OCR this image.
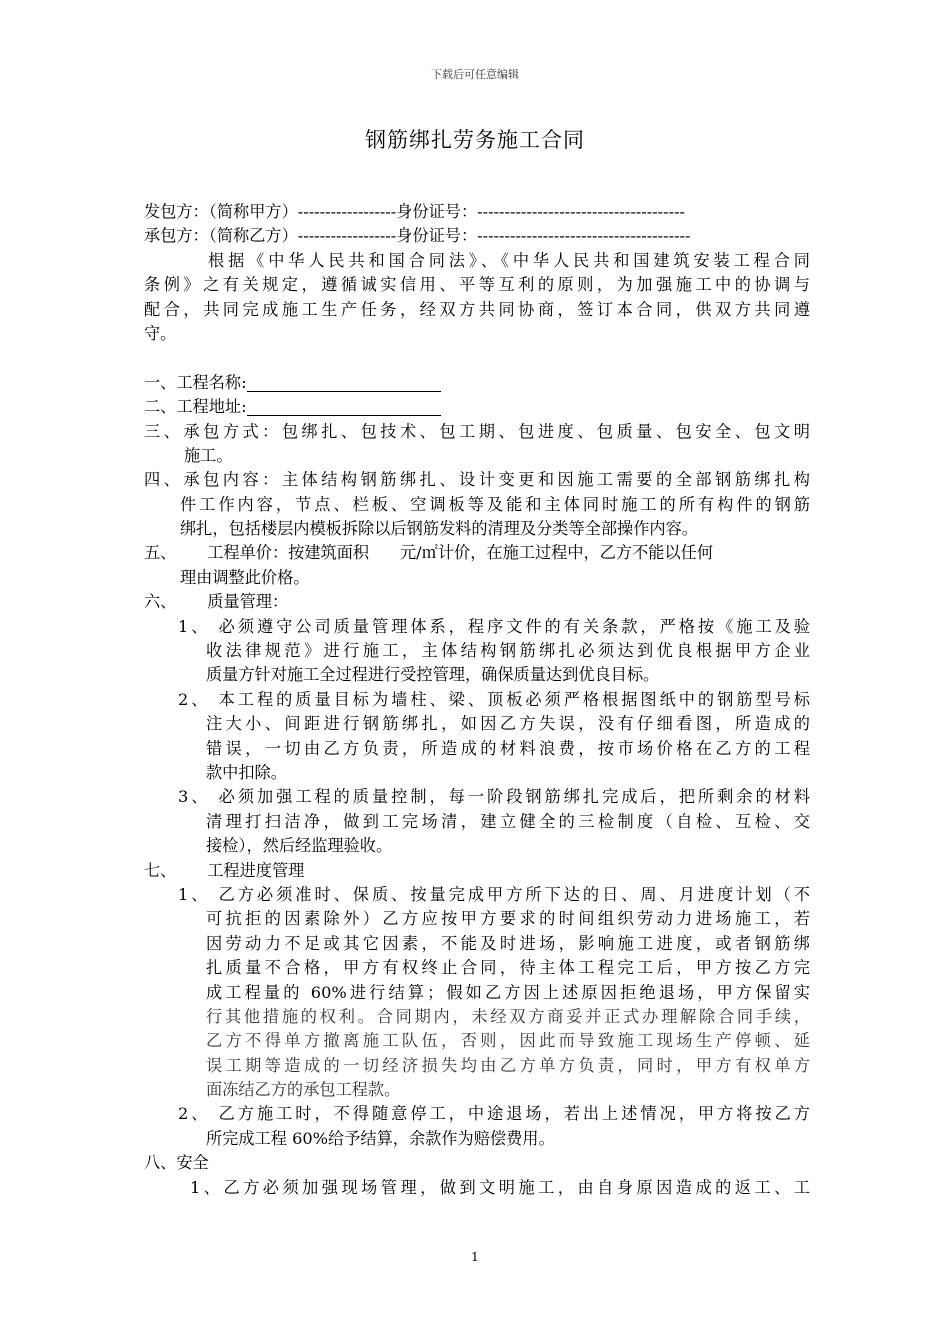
下载后可任意编辑
钢筋绑扎劳务施工合同
发包方：（简称甲方）------------------身份证号：--------------------------------------
承包方：（简称乙方）------------------身份证号：---------------------------------------
根据《中华人民共和国合同法》、《中华人民共和国建筑安装工程合同
条例》之有关规定，遵循诚实信用、平等互利的原则，为加强施工中的协调与
配合，共同完成施工生产任务，经双方共同协商，签订本合同，供双方共同遵
守。
一、工程名称:
二、工程地址:
三、承包方式：包绑扎、包技术、包工期、包进度、包质量、包安全、包文明
施工。
四、承包内容：主体结构钢筋绑扎、设计变更和因施工需要的全部钢筋绑扎构
件工作内容，节点、栏板、空调板等及能和主体同时施工的所有构件的钢筋
绑扎，包括楼层内模板拆除以后钢筋发料的清理及分类等全部操作内容。
五、      工程单价：按建筑面积      元/㎡计价，在施工过程中，乙方不能以任何
理由调整此价格。
六、      质量管理：
1、 必须遵守公司质量管理体系，程序文件的有关条款，严格按《施工及验
收法律规范》进行施工，主体结构钢筋绑扎必须达到优良根据甲方企业
质量方针对施工全过程进行受控管理，确保质量达到优良目标。
2、 本工程的质量目标为墙柱、梁、顶板必须严格根据图纸中的钢筋型号标
注大小、间距进行钢筋绑扎，如因乙方失误，没有仔细看图，所造成的
错误，一切由乙方负责，所造成的材料浪费，按市场价格在乙方的工程
款中扣除。
3、 必须加强工程的质量控制，每一阶段钢筋绑扎完成后，把所剩余的材料
清理打扫洁净，做到工完场清，建立健全的三检制度（自检、互检、交
接检），然后经监理验收。
七、      工程进度管理
1、 乙方必须准时、保质、按量完成甲方所下达的日、周、月进度计划（不
可抗拒的因素除外）乙方应按甲方要求的时间组织劳动力进场施工，若
因劳动力不足或其它因素，不能及时进场，影响施工进度，或者钢筋绑
扎质量不合格，甲方有权终止合同，待主体工程完工后，甲方按乙方完
成工程量的 60%进行结算；假如乙方因上述原因拒绝退场，甲方保留实
行其他措施的权利。合同期内，未经双方商妥并正式办理解除合同手续，
乙方不得单方撤离施工队伍，否则，因此而导致施工现场生产停顿、延
误工期等造成的一切经济损失均由乙方单方负责，同时，甲方有权单方
面冻结乙方的承包工程款。
2、 乙方施工时，不得随意停工，中途退场，若出上述情况，甲方将按乙方
所完成工程 60%给予结算，余款作为赔偿费用。
八、安全
1、乙方必须加强现场管理，做到文明施工，由自身原因造成的返工、工
1
